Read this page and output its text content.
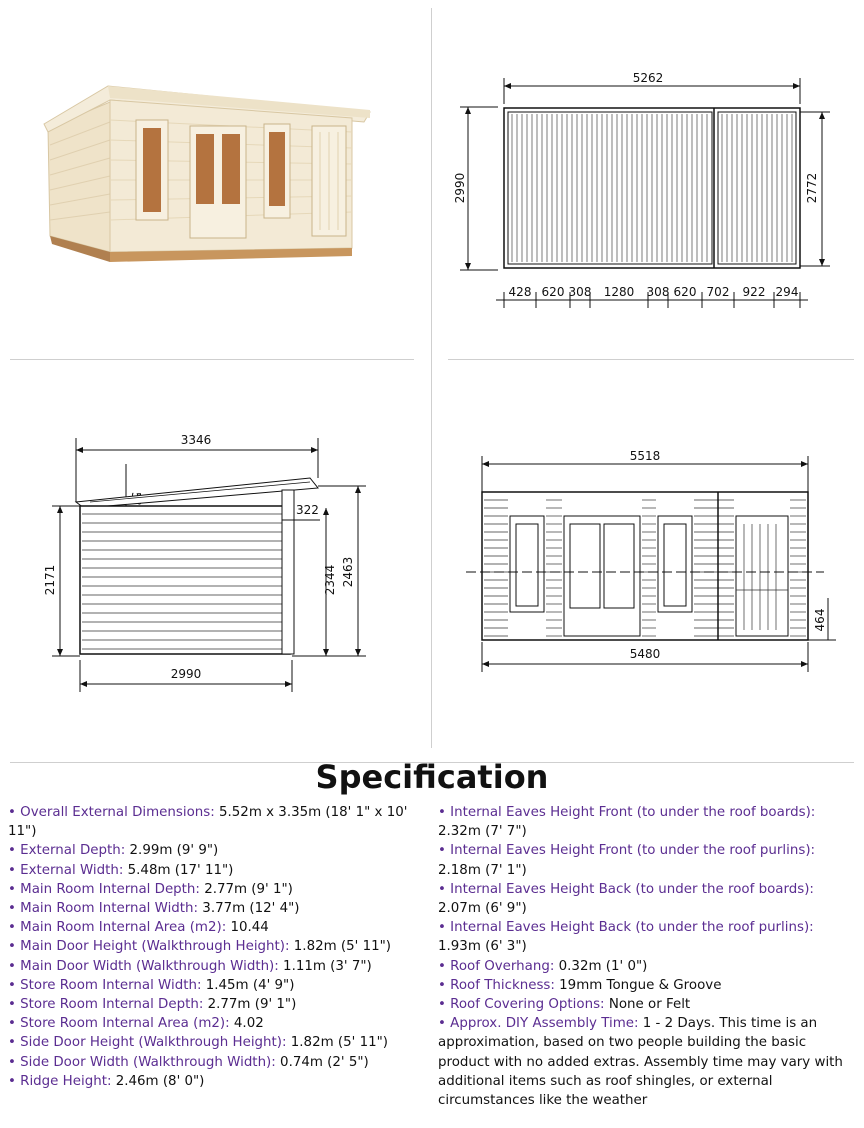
5262
2990	2772
428 620 308 1280 308 620 702 922 294
3346
322
2171	2344 2463
2990
5518
464
5480
Specification
• Overall External Dimensions: 5.52m x 3.35m (18' 1" x 10' 11")
• External Depth: 2.99m (9' 9")
• External Width: 5.48m (17' 11")
• Main Room Internal Depth: 2.77m (9' 1")
• Main Room Internal Width: 3.77m (12' 4")
• Main Room Internal Area (m2): 10.44
• Main Door Height (Walkthrough Height): 1.82m (5' 11")
• Main Door Width (Walkthrough Width): 1.11m (3' 7")
• Store Room Internal Width: 1.45m (4' 9")
• Store Room Internal Depth: 2.77m (9' 1")
• Store Room Internal Area (m2): 4.02
• Side Door Height (Walkthrough Height): 1.82m (5' 11")
• Side Door Width (Walkthrough Width): 0.74m (2' 5")
• Ridge Height: 2.46m (8' 0")
• Internal Eaves Height Front (to under the roof boards): 2.32m (7' 7")
• Internal Eaves Height Front (to under the roof purlins): 2.18m (7' 1")
• Internal Eaves Height Back (to under the roof boards): 2.07m (6' 9")
• Internal Eaves Height Back (to under the roof purlins): 1.93m (6' 3")
• Roof Overhang: 0.32m (1' 0")
• Roof Thickness: 19mm Tongue & Groove
• Roof Covering Options: None or Felt
• Approx. DIY Assembly Time: 1 - 2 Days. This time is an approximation, based on two people building the basic product with no added extras. Assembly time may vary with additional items such as roof shingles, or external circumstances like the weather
